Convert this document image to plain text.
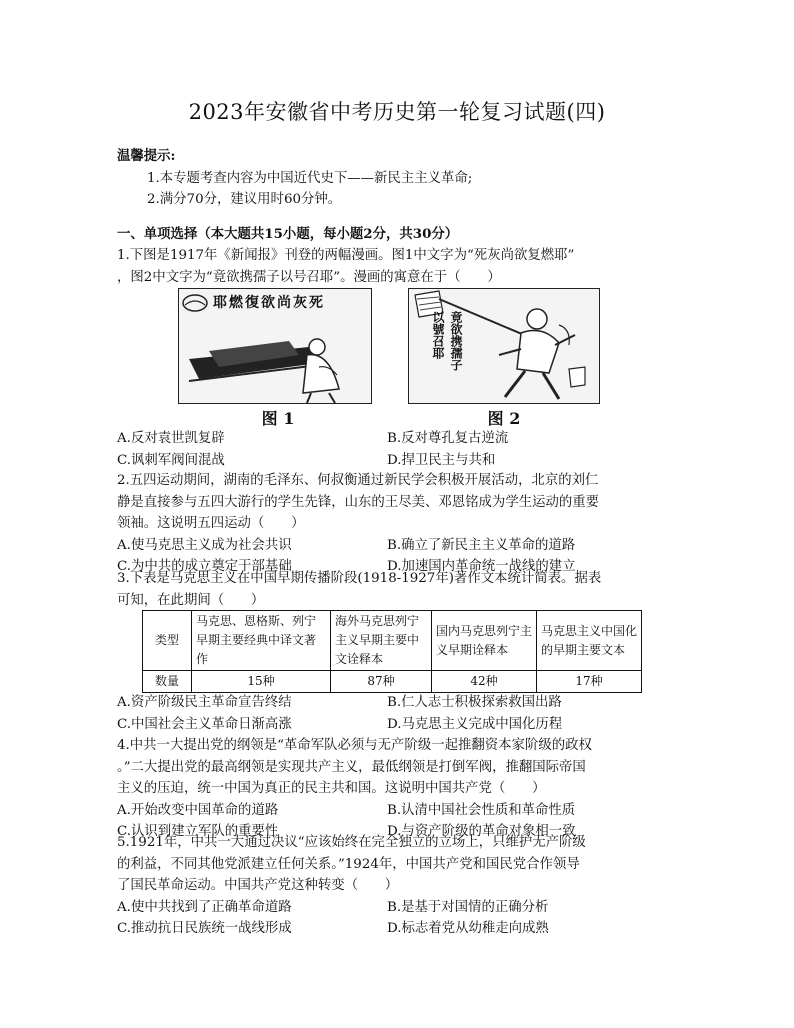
2023年安徽省中考历史第一轮复习试题(四)
温馨提示:
1.本专题考查内容为中国近代史下——新民主主义革命;
2.满分70分，建议用时60分钟。
一、单项选择（本大题共15小题，每小题2分，共30分）
1.下图是1917年《新闻报》刊登的两幅漫画。图1中文字为“死灰尚欲复燃耶”
，图2中文字为“竟欲携孺子以号召耶”。漫画的寓意在于（　　）
耶燃復欲尚灰死
竟欲携孺子
以號召耶
图 1	图 2
A.反对袁世凯复辟	B.反对尊孔复古逆流
C.讽刺军阀间混战	D.捍卫民主与共和
2.五四运动期间，湖南的毛泽东、何叔衡通过新民学会积极开展活动，北京的刘仁
静是直接参与五四大游行的学生先锋，山东的王尽美、邓恩铭成为学生运动的重要
领袖。这说明五四运动（　　）
A.使马克思主义成为社会共识	B.确立了新民主主义革命的道路
C.为中共的成立奠定干部基础	D.加速国内革命统一战线的建立
3.下表是马克思主义在中国早期传播阶段(1918-1927年)著作文本统计简表。据表
可知，在此期间（　　）
类型	马克思、恩格斯、列宁早期主要经典中译文著作	海外马克思列宁主义早期主要中文诠释本	国内马克思列宁主义早期诠释本	马克思主义中国化的早期主要文本
数量	15种	87种	42种	17种
A.资产阶级民主革命宣告终结	B.仁人志士积极探索救国出路
C.中国社会主义革命日渐高涨	D.马克思主义完成中国化历程
4.中共一大提出党的纲领是“革命军队必须与无产阶级一起推翻资本家阶级的政权
。”二大提出党的最高纲领是实现共产主义，最低纲领是打倒军阀，推翻国际帝国
主义的压迫，统一中国为真正的民主共和国。这说明中国共产党（　　）
A.开始改变中国革命的道路	B.认清中国社会性质和革命性质
C.认识到建立军队的重要性	D.与资产阶级的革命对象相一致
5.1921年，中共一大通过决议“应该始终在完全独立的立场上，只维护无产阶级
的利益，不同其他党派建立任何关系。”1924年，中国共产党和国民党合作领导
了国民革命运动。中国共产党这种转变（　　）
A.使中共找到了正确革命道路	B.是基于对国情的正确分析
C.推动抗日民族统一战线形成	D.标志着党从幼稚走向成熟
